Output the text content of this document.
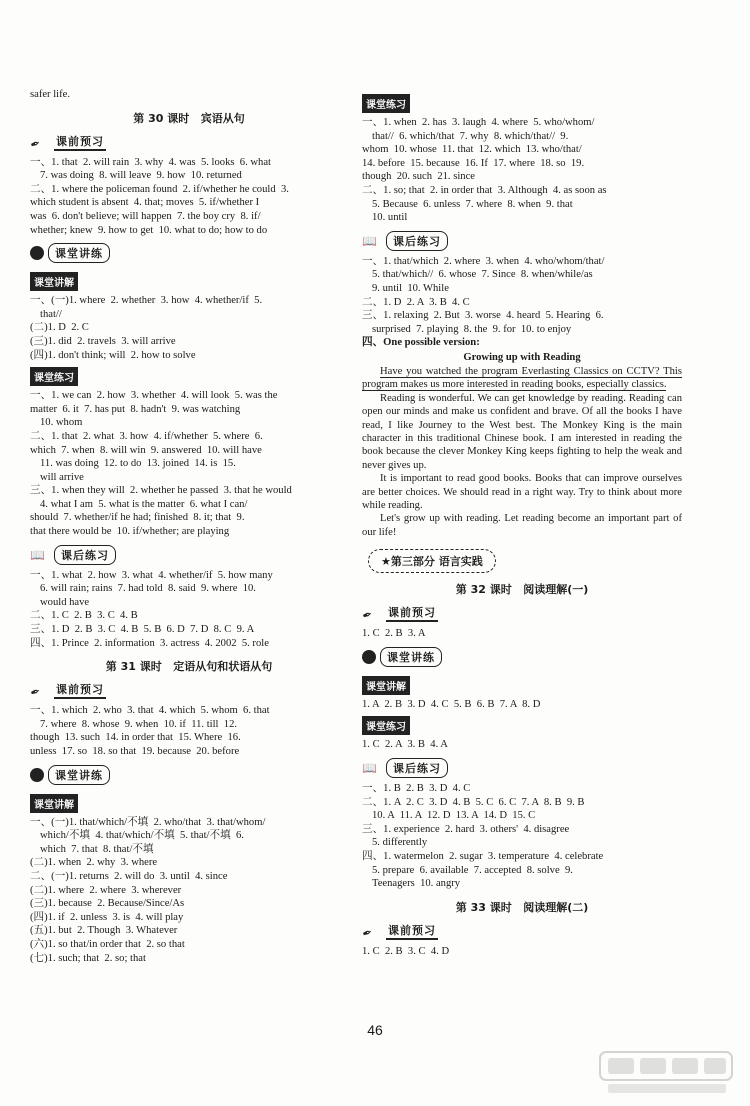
safer life.
第 30 课时   宾语从句
✒	课前预习
一、1. that  2. will rain  3. why  4. was  5. looks  6. what
7. was doing  8. will leave  9. how  10. returned
二、1. where the policeman found  2. if/whether he could  3.
which student is absent  4. that; moves  5. if/whether I
was  6. don't believe; will happen  7. the boy cry  8. if/
whether; knew  9. how to get  10. what to do; how to do
课堂讲练
课堂讲解
一、(一)1. where  2. whether  3. how  4. whether/if  5.
that//
(二)1. D  2. C
(三)1. did  2. travels  3. will arrive
(四)1. don't think; will  2. how to solve
课堂练习
一、1. we can  2. how  3. whether  4. will look  5. was the
matter  6. it  7. has put  8. hadn't  9. was watching
10. whom
二、1. that  2. what  3. how  4. if/whether  5. where  6.
which  7. when  8. will win  9. answered  10. will have
11. was doing  12. to do  13. joined  14. is  15.
will arrive
三、1. when they will  2. whether he passed  3. that he would
4. what I am  5. what is the matter  6. what I can/
should  7. whether/if he had; finished  8. it; that  9.
that there would be  10. if/whether; are playing
📖	课后练习
一、1. what  2. how  3. what  4. whether/if  5. how many
6. will rain; rains  7. had told  8. said  9. where  10.
would have
二、1. C  2. B  3. C  4. B
三、1. D  2. B  3. C  4. B  5. B  6. D  7. D  8. C  9. A
四、1. Prince  2. information  3. actress  4. 2002  5. role
第 31 课时   定语从句和状语从句
✒	课前预习
一、1. which  2. who  3. that  4. which  5. whom  6. that
7. where  8. whose  9. when  10. if  11. till  12.
though  13. such  14. in order that  15. Where  16.
unless  17. so  18. so that  19. because  20. before
课堂讲练
课堂讲解
一、(一)1. that/which/不填  2. who/that  3. that/whom/
which/不填  4. that/which/不填  5. that/不填  6.
which  7. that  8. that/不填
(二)1. when  2. why  3. where
二、(一)1. returns  2. will do  3. until  4. since
(二)1. where  2. where  3. wherever
(三)1. because  2. Because/Since/As
(四)1. if  2. unless  3. is  4. will play
(五)1. but  2. Though  3. Whatever
(六)1. so that/in order that  2. so that
(七)1. such; that  2. so; that
课堂练习
一、1. when  2. has  3. laugh  4. where  5. who/whom/
that//  6. which/that  7. why  8. which/that//  9.
whom  10. whose  11. that  12. which  13. who/that/
14. before  15. because  16. If  17. where  18. so  19.
though  20. such  21. since
二、1. so; that  2. in order that  3. Although  4. as soon as
5. Because  6. unless  7. where  8. when  9. that
10. until
📖	课后练习
一、1. that/which  2. where  3. when  4. who/whom/that/
5. that/which//  6. whose  7. Since  8. when/while/as
9. until  10. While
二、1. D  2. A  3. B  4. C
三、1. relaxing  2. But  3. worse  4. heard  5. Hearing  6.
surprised  7. playing  8. the  9. for  10. to enjoy
四、One possible version:
Growing up with Reading
Have you watched the program Everlasting Classics on CCTV? This program makes us more interested in reading books, especially classics.
Reading is wonderful. We can get knowledge by reading. Reading can open our minds and make us confident and brave. Of all the books I have read, I like Journey to the West best. The Monkey King is the main character in this traditional Chinese book. I am interested in reading the book because the clever Monkey King keeps fighting to help the weak and never gives up.
It is important to read good books. Books that can improve ourselves are better choices. We should read in a right way. Try to think about more while reading.
Let's grow up with reading. Let reading become an important part of our life!
★第三部分 语言实践
第 32 课时   阅读理解(一)
✒	课前预习
1. C  2. B  3. A
课堂讲练
课堂讲解
1. A  2. B  3. D  4. C  5. B  6. B  7. A  8. D
课堂练习
1. C  2. A  3. B  4. A
📖	课后练习
一、1. B  2. B  3. D  4. C
二、1. A  2. C  3. D  4. B  5. C  6. C  7. A  8. B  9. B
10. A  11. A  12. D  13. A  14. D  15. C
三、1. experience  2. hard  3. others'  4. disagree
5. differently
四、1. watermelon  2. sugar  3. temperature  4. celebrate
5. prepare  6. available  7. accepted  8. solve  9.
Teenagers  10. angry
第 33 课时   阅读理解(二)
✒	课前预习
1. C  2. B  3. C  4. D
46
